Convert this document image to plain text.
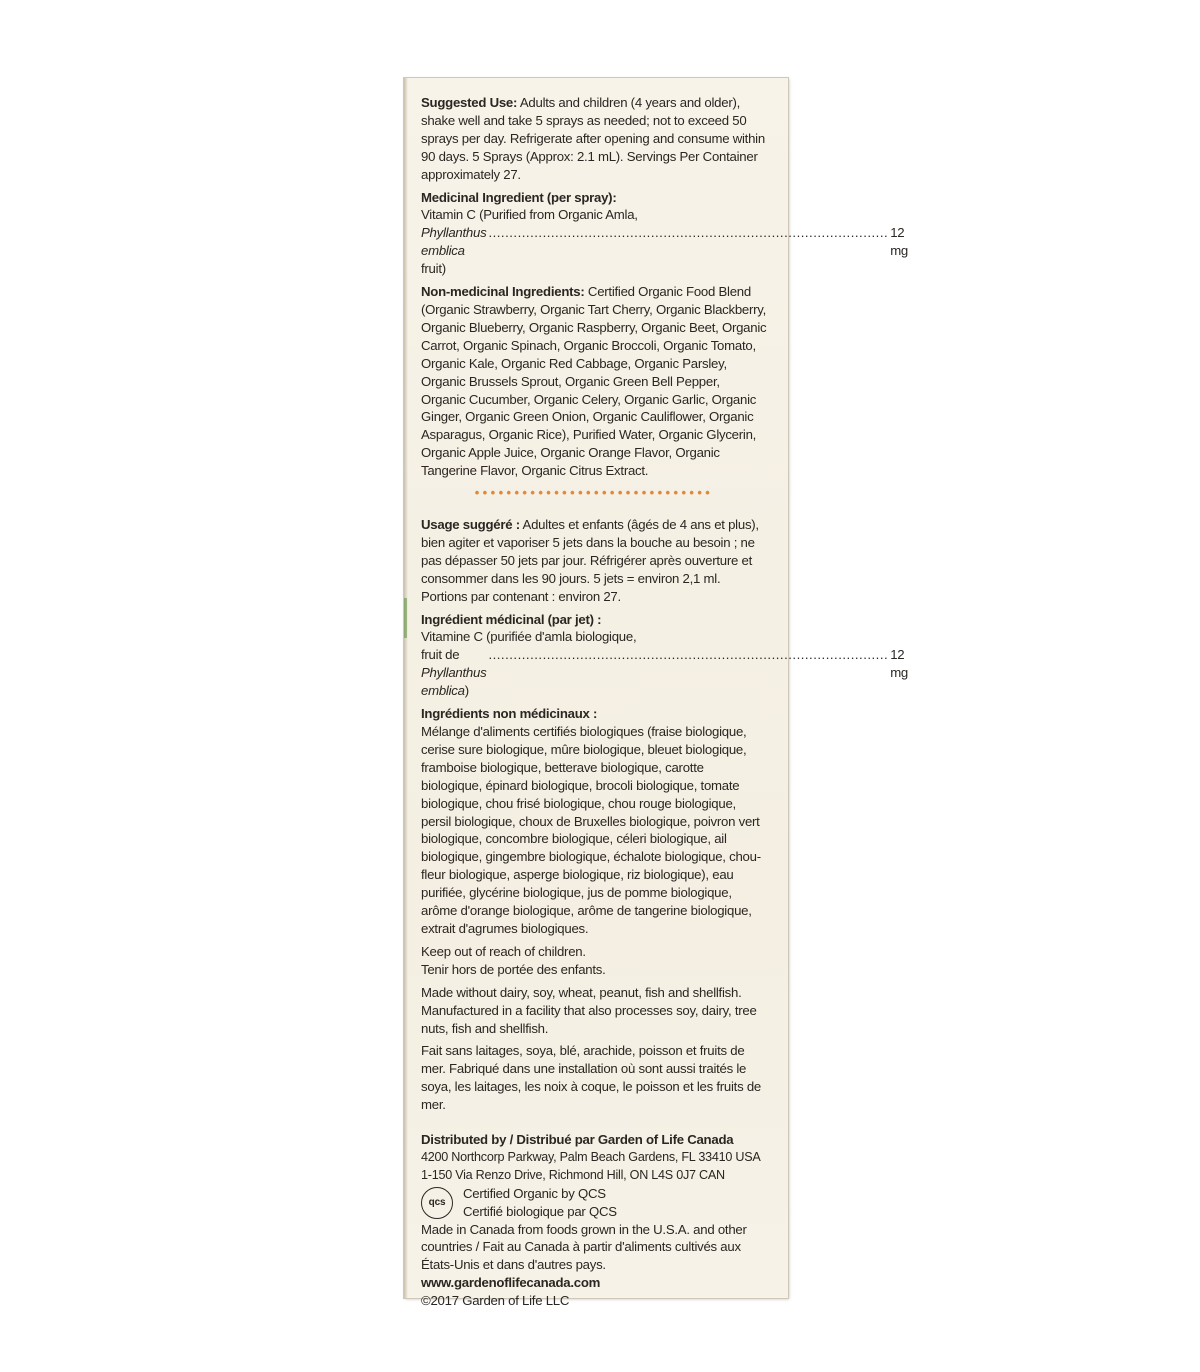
Suggested Use: Adults and children (4 years and older), shake well and take 5 sprays as needed; not to exceed 50 sprays per day. Refrigerate after opening and consume within 90 days. 5 Sprays (Approx: 2.1 mL). Servings Per Container approximately 27.

Medicinal Ingredient (per spray):
Vitamin C (Purified from Organic Amla,

Phyllanthus emblica fruit)
................................................................................................ 12 mg

Non-medicinal Ingredients: Certified Organic Food Blend (Organic Strawberry, Organic Tart Cherry, Organic Blackberry, Organic Blueberry, Organic Raspberry, Organic Beet, Organic Carrot, Organic Spinach, Organic Broccoli, Organic Tomato, Organic Kale, Organic Red Cabbage, Organic Parsley, Organic Brussels Sprout, Organic Green Bell Pepper, Organic Cucumber, Organic Celery, Organic Garlic, Organic Ginger, Organic Green Onion, Organic Cauliflower, Organic Asparagus, Organic Rice), Purified Water, Organic Glycerin, Organic Apple Juice, Organic Orange Flavor, Organic Tangerine Flavor, Organic Citrus Extract.

••••••••••••••••••••••••••••••

Usage suggéré : Adultes et enfants (âgés de 4 ans et plus), bien agiter et vaporiser 5 jets dans la bouche au besoin ; ne pas dépasser 50 jets par jour. Réfrigérer après ouverture et consommer dans les 90 jours. 5 jets = environ 2,1 ml. Portions par contenant : environ 27.

Ingrédient médicinal (par jet) :
Vitamine C (purifiée d'amla biologique,

fruit de Phyllanthus emblica)
................................................................................................ 12 mg

Ingrédients non médicinaux :
Mélange d'aliments certifiés biologiques (fraise biologique, cerise sure biologique, mûre biologique, bleuet biologique, framboise biologique, betterave biologique, carotte biologique, épinard biologique, brocoli biologique, tomate biologique, chou frisé biologique, chou rouge biologique, persil biologique, choux de Bruxelles biologique, poivron vert biologique, concombre biologique, céleri biologique, ail biologique, gingembre biologique, échalote biologique, chou-fleur biologique, asperge biologique, riz biologique), eau purifiée, glycérine biologique, jus de pomme biologique, arôme d'orange biologique, arôme de tangerine biologique, extrait d'agrumes biologiques.

Keep out of reach of children.
Tenir hors de portée des enfants.

Made without dairy, soy, wheat, peanut, fish and shellfish. Manufactured in a facility that also processes soy, dairy, tree nuts, fish and shellfish.

Fait sans laitages, soya, blé, arachide, poisson et fruits de mer. Fabriqué dans une installation où sont aussi traités le soya, les laitages, les noix à coque, le poisson et les fruits de mer.

Distributed by / Distribué par Garden of Life Canada
4200 Northcorp Parkway, Palm Beach Gardens, FL 33410 USA
1-150 Via Renzo Drive, Richmond Hill, ON L4S 0J7 CAN
qcs
Certified Organic by QCS
Certifié biologique par QCS
Made in Canada from foods grown in the U.S.A. and other countries / Fait au Canada à partir d'aliments cultivés aux États-Unis et dans d'autres pays.
www.gardenoflifecanada.com
©2017 Garden of Life LLC
